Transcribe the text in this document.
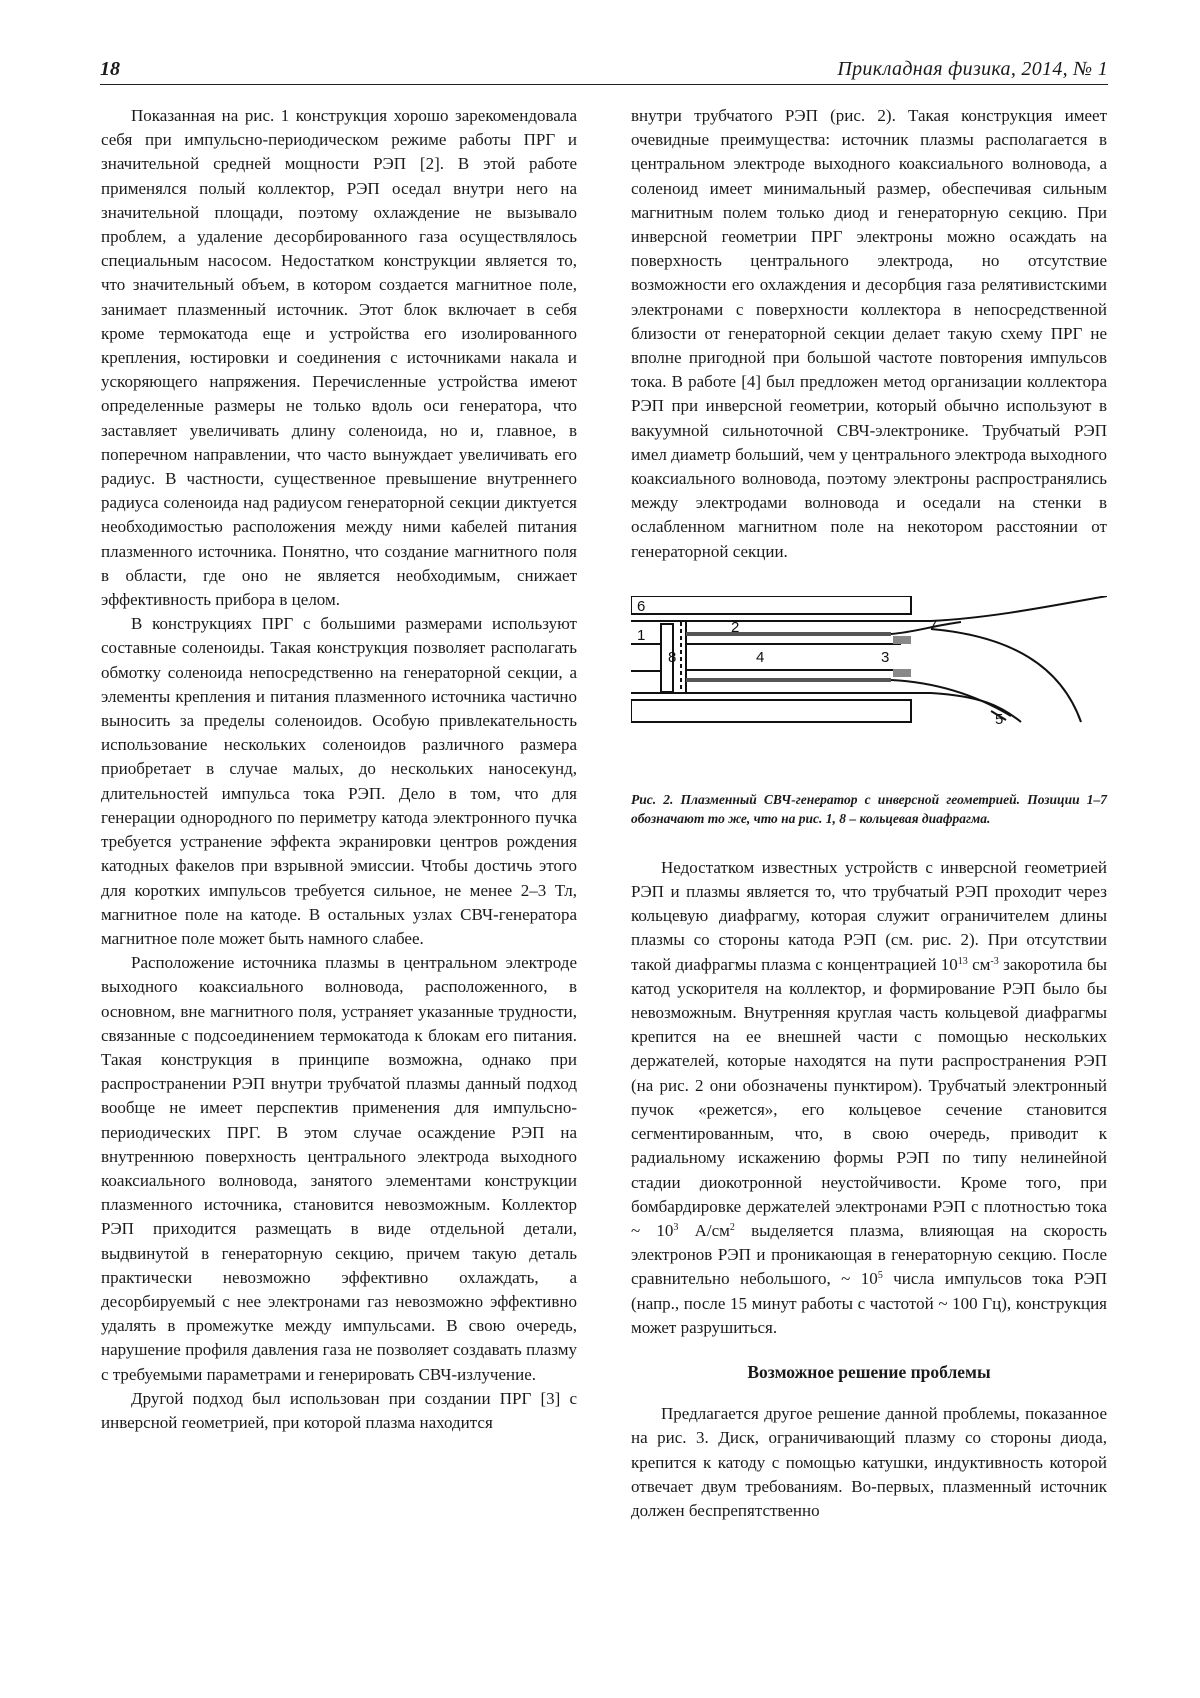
18	Прикладная физика, 2014, № 1

Показанная на рис. 1 конструкция хорошо зарекомендовала себя при импульсно-периодическом режиме работы ПРГ и значительной средней мощности РЭП [2]. В этой работе применялся полый коллектор, РЭП оседал внутри него на значительной площади, поэтому охлаждение не вызывало проблем, а удаление десорбированного газа осуществлялось специальным насосом. Недостатком конструкции является то, что значительный объем, в котором создается магнитное поле, занимает плазменный источник. Этот блок включает в себя кроме термокатода еще и устройства его изолированного крепления, юстировки и соединения с источниками накала и ускоряющего напряжения. Перечисленные устройства имеют определенные размеры не только вдоль оси генератора, что заставляет увеличивать длину соленоида, но и, главное, в поперечном направлении, что часто вынуждает увеличивать его радиус. В частности, существенное превышение внутреннего радиуса соленоида над радиусом генераторной секции диктуется необходимостью расположения между ними кабелей питания плазменного источника. Понятно, что создание магнитного поля в области, где оно не является необходимым, снижает эффективность прибора в целом.

В конструкциях ПРГ с большими размерами используют составные соленоиды. Такая конструкция позволяет располагать обмотку соленоида непосредственно на генераторной секции, а элементы крепления и питания плазменного источника частично выносить за пределы соленоидов. Особую привлекательность использование нескольких соленоидов различного размера приобретает в случае малых, до нескольких наносекунд, длительностей импульса тока РЭП. Дело в том, что для генерации однородного по периметру катода электронного пучка требуется устранение эффекта экранировки центров рождения катодных факелов при взрывной эмиссии. Чтобы достичь этого для коротких импульсов требуется сильное, не менее 2–3 Тл, магнитное поле на катоде. В остальных узлах СВЧ-генератора магнитное поле может быть намного слабее.

Расположение источника плазмы в центральном электроде выходного коаксиального волновода, расположенного, в основном, вне магнитного поля, устраняет указанные трудности, связанные с подсоединением термокатода к блокам его питания. Такая конструкция в принципе возможна, однако при распространении РЭП внутри трубчатой плазмы данный подход вообще не имеет перспектив применения для импульсно-периодических ПРГ. В этом случае осаждение РЭП на внутреннюю поверхность центрального электрода выходного коаксиального волновода, занятого элементами конструкции плазменного источника, становится невозможным. Коллектор РЭП приходится размещать в виде отдельной детали, выдвинутой в генераторную секцию, причем такую деталь практически невозможно эффективно охлаждать, а десорбируемый с нее электронами газ невозможно эффективно удалять в промежутке между импульсами. В свою очередь, нарушение профиля давления газа не позволяет создавать плазму с требуемыми параметрами и генерировать СВЧ-излучение.

Другой подход был использован при создании ПРГ [3] с инверсной геометрией, при которой плазма находится

внутри трубчатого РЭП (рис. 2). Такая конструкция имеет очевидные преимущества: источник плазмы располагается в центральном электроде выходного коаксиального волновода, а соленоид имеет минимальный размер, обеспечивая сильным магнитным полем только диод и генераторную секцию. При инверсной геометрии ПРГ электроны можно осаждать на поверхность центрального электрода, но отсутствие возможности его охлаждения и десорбция газа релятивистскими электронами с поверхности коллектора в непосредственной близости от генераторной секции делает такую схему ПРГ не вполне пригодной при большой частоте повторения импульсов тока. В работе [4] был предложен метод организации коллектора РЭП при инверсной геометрии, который обычно используют в вакуумной сильноточной СВЧ-электронике. Трубчатый РЭП имел диаметр больший, чем у центрального электрода выходного коаксиального волновода, поэтому электроны распространялись между электродами волновода и оседали на стенки в ослабленном магнитном поле на некотором расстоянии от генераторной секции.

6
1	2	7
8	4	3
5
Рис. 2. Плазменный СВЧ-генератор с инверсной геометрией. Позиции 1–7 обозначают то же, что на рис. 1, 8 – кольцевая диафрагма.

Недостатком известных устройств с инверсной геометрией РЭП и плазмы является то, что трубчатый РЭП проходит через кольцевую диафрагму, которая служит ограничителем длины плазмы со стороны катода РЭП (см. рис. 2). При отсутствии такой диафрагмы плазма с концентрацией $10^{13}$ $см^{-3}$ закоротила бы катод ускорителя на коллектор, и формирование РЭП было бы невозможным. Внутренняя круглая часть кольцевой диафрагмы крепится на ее внешней части с помощью нескольких держателей, которые находятся на пути распространения РЭП (на рис. 2 они обозначены пунктиром). Трубчатый электронный пучок «режется», его кольцевое сечение становится сегментированным, что, в свою очередь, приводит к радиальному искажению формы РЭП по типу нелинейной стадии диокотронной неустойчивости. Кроме того, при бомбардировке держателей электронами РЭП с плотностью тока ~ $10^3$ $А/см^2$ выделяется плазма, влияющая на скорость электронов РЭП и проникающая в генераторную секцию. После сравнительно небольшого, ~ $10^5$ числа импульсов тока РЭП (напр., после 15 минут работы с частотой ~ 100 Гц), конструкция может разрушиться.

Возможное решение проблемы

Предлагается другое решение данной проблемы, показанное на рис. 3. Диск, ограничивающий плазму со стороны диода, крепится к катоду с помощью катушки, индуктивность которой отвечает двум требованиям. Во-первых, плазменный источник должен беспрепятственно
